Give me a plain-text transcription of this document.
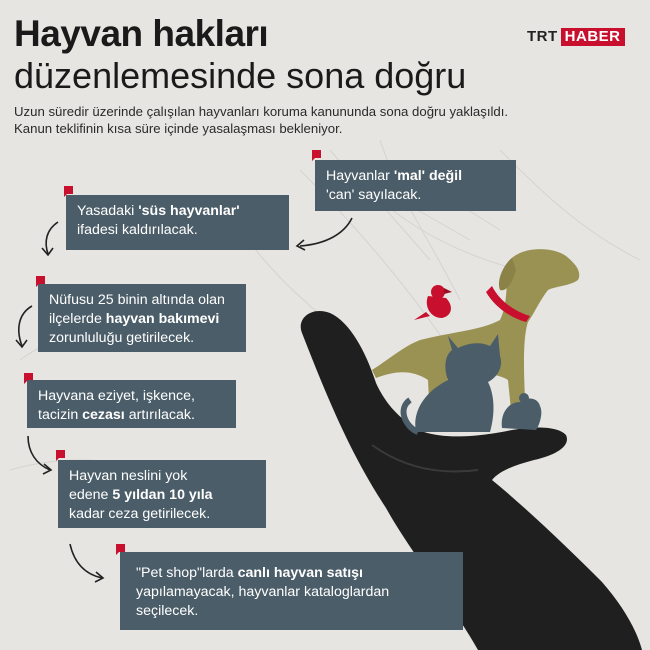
Hayvan hakları
düzenlemesinde sona doğru
TRT HABER

Uzun süredir üzerinde çalışılan hayvanları koruma kanununda sona doğru yaklaşıldı.
Kanun teklifinin kısa süre içinde yasalaşması bekleniyor.

Hayvanlar 'mal' değil
'can' sayılacak.
Yasadaki 'süs hayvanlar'
ifadesi kaldırılacak.
Nüfusu 25 binin altında olan
ilçelerde hayvan bakımevi
zorunluluğu getirilecek.
Hayvana eziyet, işkence,
tacizin cezası artırılacak.
Hayvan neslini yok
edene 5 yıldan 10 yıla
kadar ceza getirilecek.
"Pet shop"larda canlı hayvan satışı
yapılamayacak, hayvanlar kataloglardan
seçilecek.
